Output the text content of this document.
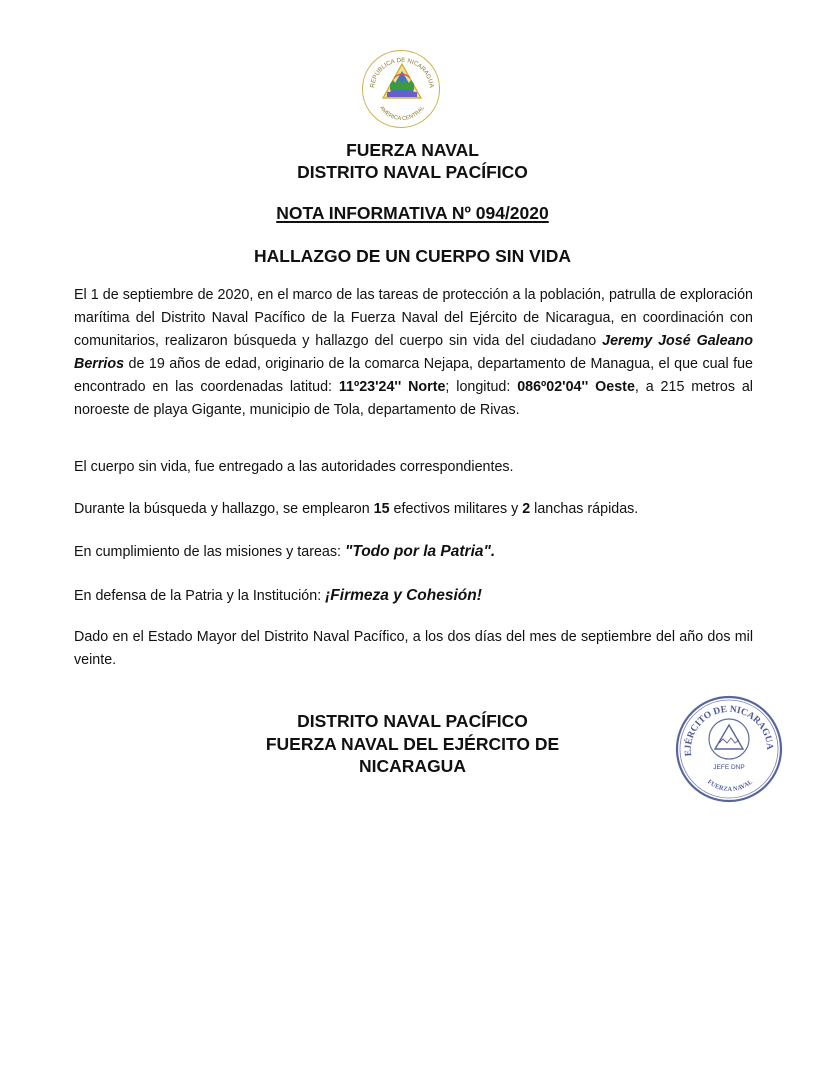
REPÚBLICA DE NICARAGUA
AMÉRICA CENTRAL
FUERZA NAVAL
DISTRITO NAVAL PACÍFICO
NOTA INFORMATIVA Nº 094/2020
HALLAZGO DE UN CUERPO SIN VIDA

El 1 de septiembre de 2020, en el marco de las tareas de protección a la población, patrulla de exploración marítima del Distrito Naval Pacífico de la Fuerza Naval del Ejército de Nicaragua, en coordinación con comunitarios, realizaron búsqueda y hallazgo del cuerpo sin vida del ciudadano Jeremy José Galeano Berrios de 19 años de edad, originario de la comarca Nejapa, departamento de Managua, el que cual fue encontrado en las coordenadas latitud: 11º23'24'' Norte; longitud: 086º02'04'' Oeste, a 215 metros al noroeste de playa Gigante, municipio de Tola, departamento de Rivas.

El cuerpo sin vida, fue entregado a las autoridades correspondientes.

Durante la búsqueda y hallazgo, se emplearon 15 efectivos militares y 2 lanchas rápidas.

En cumplimiento de las misiones y tareas: "Todo por la Patria".

En defensa de la Patria y la Institución: ¡Firmeza y Cohesión!

Dado en el Estado Mayor del Distrito Naval Pacífico, a los dos días del mes de septiembre del año dos mil veinte.

DISTRITO NAVAL PACÍFICO
FUERZA NAVAL DEL EJÉRCITO DE NICARAGUA
EJÉRCITO DE NICARAGUA
JEFE DNP
FUERZA NAVAL
